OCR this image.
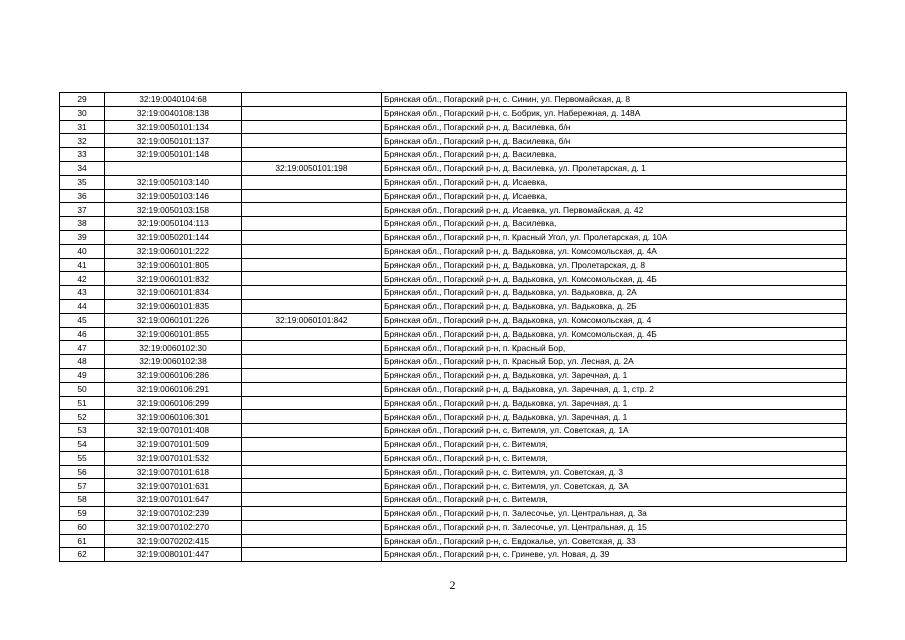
29	32:19:0040104:68		Брянская обл., Погарский р-н, с. Синин, ул. Первомайская, д. 8
30	32:19:0040108:138		Брянская обл., Погарский р-н, с. Бобрик, ул. Набережная, д. 148А
31	32:19:0050101:134		Брянская обл., Погарский р-н, д. Василевка, б/н
32	32:19:0050101:137		Брянская обл., Погарский р-н, д. Василевка, б/н
33	32:19:0050101:148		Брянская обл., Погарский р-н, д. Василевка,
34		32:19:0050101:198	Брянская обл., Погарский р-н, д. Василевка, ул. Пролетарская, д. 1
35	32:19:0050103:140		Брянская обл., Погарский р-н, д. Исаевка,
36	32:19:0050103:146		Брянская обл., Погарский р-н, д. Исаевка,
37	32:19:0050103:158		Брянская обл., Погарский р-н, д. Исаевка, ул. Первомайская, д. 42
38	32:19:0050104:113		Брянская обл., Погарский р-н, д. Василевка,
39	32:19:0050201:144		Брянская обл., Погарский р-н, п. Красный Угол, ул. Пролетарская, д. 10А
40	32:19:0060101:222		Брянская обл., Погарский р-н, д. Вадьковка, ул. Комсомольская, д. 4А
41	32:19:0060101:805		Брянская обл., Погарский р-н, д. Вадьковка, ул. Пролетарская, д. 8
42	32:19:0060101:832		Брянская обл., Погарский р-н, д. Вадьковка, ул. Комсомольская, д. 4Б
43	32:19:0060101:834		Брянская обл., Погарский р-н, д. Вадьковка, ул. Вадьковка, д. 2А
44	32:19:0060101:835		Брянская обл., Погарский р-н, д. Вадьковка, ул. Вадьковка, д. 2Б
45	32:19:0060101:226	32:19:0060101:842	Брянская обл., Погарский р-н, д. Вадьковка, ул. Комсомольская, д. 4
46	32:19:0060101:855		Брянская обл., Погарский р-н, д. Вадьковка, ул. Комсомольская, д. 4Б
47	32:19:0060102:30		Брянская обл., Погарский р-н, п. Красный Бор,
48	32:19:0060102:38		Брянская обл., Погарский р-н, п. Красный Бор, ул. Лесная, д. 2А
49	32:19:0060106:286		Брянская обл., Погарский р-н, д. Вадьковка, ул. Заречная, д. 1
50	32:19:0060106:291		Брянская обл., Погарский р-н, д. Вадьковка, ул. Заречная, д. 1, стр. 2
51	32:19:0060106:299		Брянская обл., Погарский р-н, д. Вадьковка, ул. Заречная, д. 1
52	32:19:0060106:301		Брянская обл., Погарский р-н, д. Вадьковка, ул. Заречная, д. 1
53	32:19:0070101:408		Брянская обл., Погарский р-н, с. Витемля, ул. Советская, д. 1А
54	32:19:0070101:509		Брянская обл., Погарский р-н, с. Витемля,
55	32:19:0070101:532		Брянская обл., Погарский р-н, с. Витемля,
56	32:19:0070101:618		Брянская обл., Погарский р-н, с. Витемля, ул. Советская, д. 3
57	32:19:0070101:631		Брянская обл., Погарский р-н, с. Витемля, ул. Советская, д. 3А
58	32:19:0070101:647		Брянская обл., Погарский р-н, с. Витемля,
59	32:19:0070102:239		Брянская обл., Погарский р-н, п. Залесочье, ул. Центральная, д. 3а
60	32:19:0070102:270		Брянская обл., Погарский р-н, п. Залесочье, ул. Центральная, д. 15
61	32:19:0070202:415		Брянская обл., Погарский р-н, с. Евдокалье, ул. Советская, д. 33
62	32:19:0080101:447		Брянская обл., Погарский р-н, с. Гриневе, ул. Новая, д. 39
2
